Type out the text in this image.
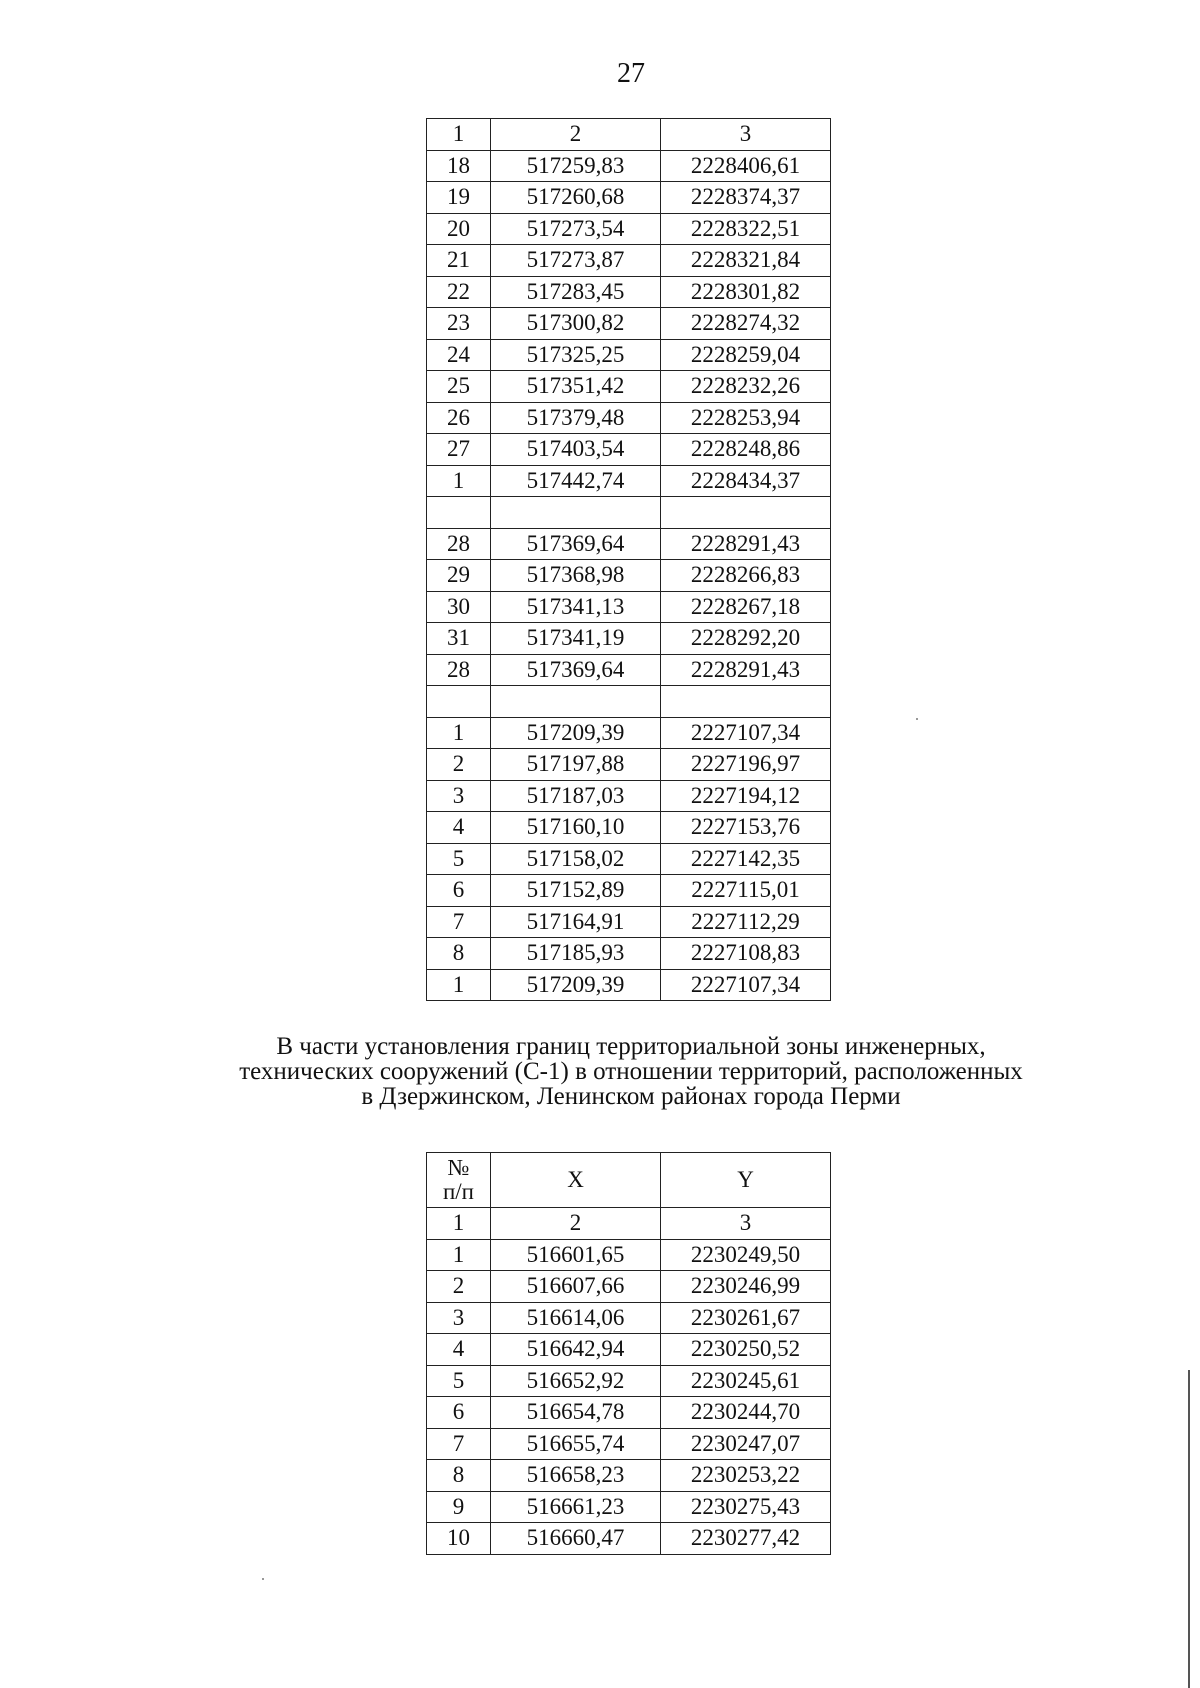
27
1	2	3
18	517259,83	2228406,61
19	517260,68	2228374,37
20	517273,54	2228322,51
21	517273,87	2228321,84
22	517283,45	2228301,82
23	517300,82	2228274,32
24	517325,25	2228259,04
25	517351,42	2228232,26
26	517379,48	2228253,94
27	517403,54	2228248,86
1	517442,74	2228434,37

28	517369,64	2228291,43
29	517368,98	2228266,83
30	517341,13	2228267,18
31	517341,19	2228292,20
28	517369,64	2228291,43

1	517209,39	2227107,34
2	517197,88	2227196,97
3	517187,03	2227194,12
4	517160,10	2227153,76
5	517158,02	2227142,35
6	517152,89	2227115,01
7	517164,91	2227112,29
8	517185,93	2227108,83
1	517209,39	2227107,34
В части установления границ территориальной зоны инженерных,
технических сооружений (С-1) в отношении территорий, расположенных
в Дзержинском, Ленинском районах города Перми
№
п/п	X	Y
1	2	3
1	516601,65	2230249,50
2	516607,66	2230246,99
3	516614,06	2230261,67
4	516642,94	2230250,52
5	516652,92	2230245,61
6	516654,78	2230244,70
7	516655,74	2230247,07
8	516658,23	2230253,22
9	516661,23	2230275,43
10	516660,47	2230277,42
